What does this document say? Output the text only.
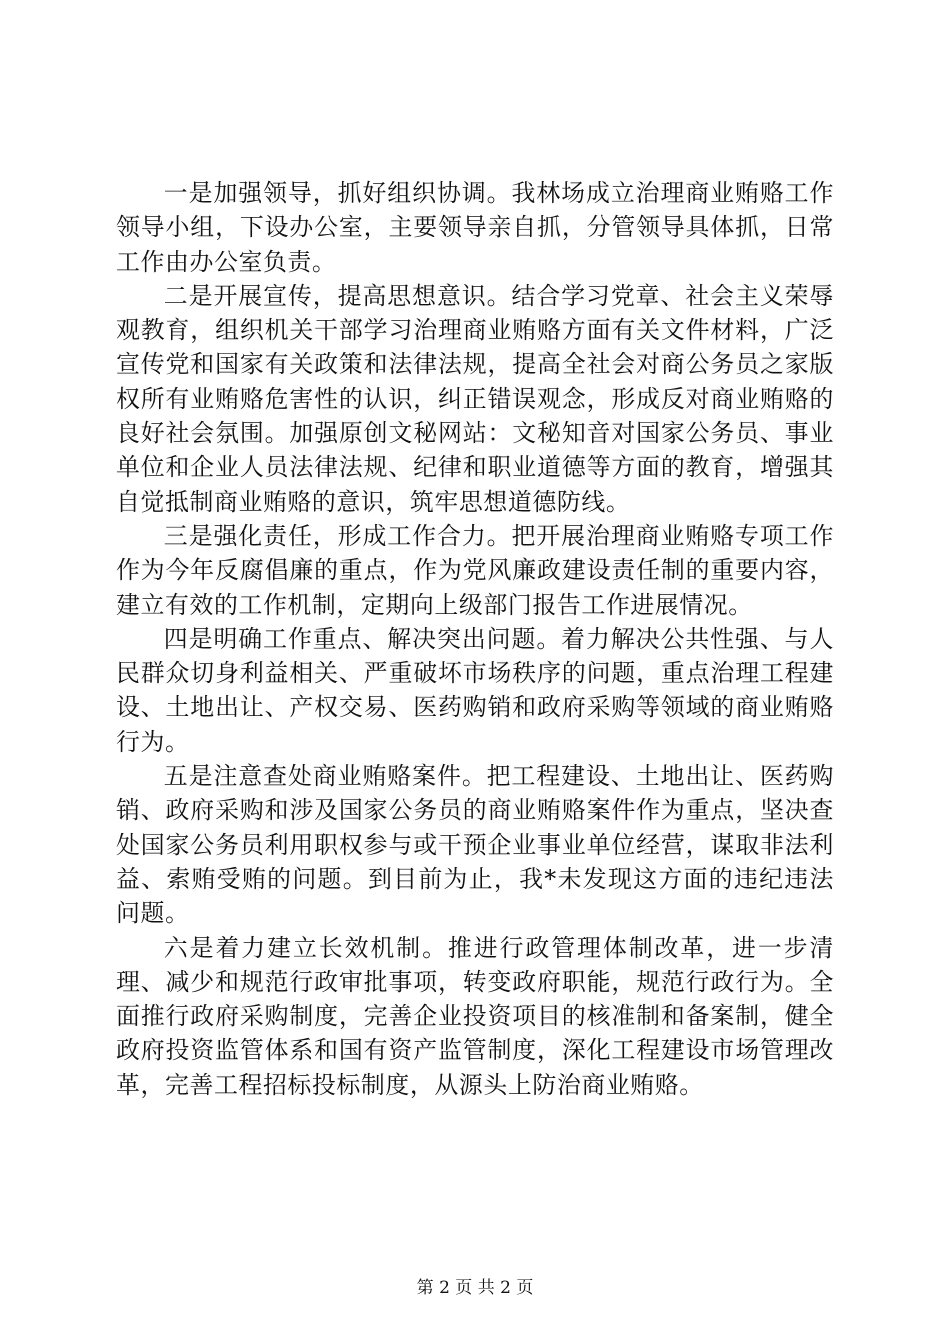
一是加强领导，抓好组织协调。我林场成立治理商业贿赂工作领导小组，下设办公室，主要领导亲自抓，分管领导具体抓，日常工作由办公室负责。

二是开展宣传，提高思想意识。结合学习党章、社会主义荣辱观教育，组织机关干部学习治理商业贿赂方面有关文件材料，广泛宣传党和国家有关政策和法律法规，提高全社会对商公务员之家版权所有业贿赂危害性的认识，纠正错误观念，形成反对商业贿赂的良好社会氛围。加强原创文秘网站：文秘知音对国家公务员、事业单位和企业人员法律法规、纪律和职业道德等方面的教育，增强其自觉抵制商业贿赂的意识，筑牢思想道德防线。

三是强化责任，形成工作合力。把开展治理商业贿赂专项工作作为今年反腐倡廉的重点，作为党风廉政建设责任制的重要内容，建立有效的工作机制，定期向上级部门报告工作进展情况。

四是明确工作重点、解决突出问题。着力解决公共性强、与人民群众切身利益相关、严重破坏市场秩序的问题，重点治理工程建设、土地出让、产权交易、医药购销和政府采购等领域的商业贿赂行为。

五是注意查处商业贿赂案件。把工程建设、土地出让、医药购销、政府采购和涉及国家公务员的商业贿赂案件作为重点，坚决查处国家公务员利用职权参与或干预企业事业单位经营，谋取非法利益、索贿受贿的问题。到目前为止，我*未发现这方面的违纪违法问题。

六是着力建立长效机制。推进行政管理体制改革，进一步清理、减少和规范行政审批事项，转变政府职能，规范行政行为。全面推行政府采购制度，完善企业投资项目的核准制和备案制，健全政府投资监管体系和国有资产监管制度，深化工程建设市场管理改革，完善工程招标投标制度，从源头上防治商业贿赂。

第 2 页 共 2 页
